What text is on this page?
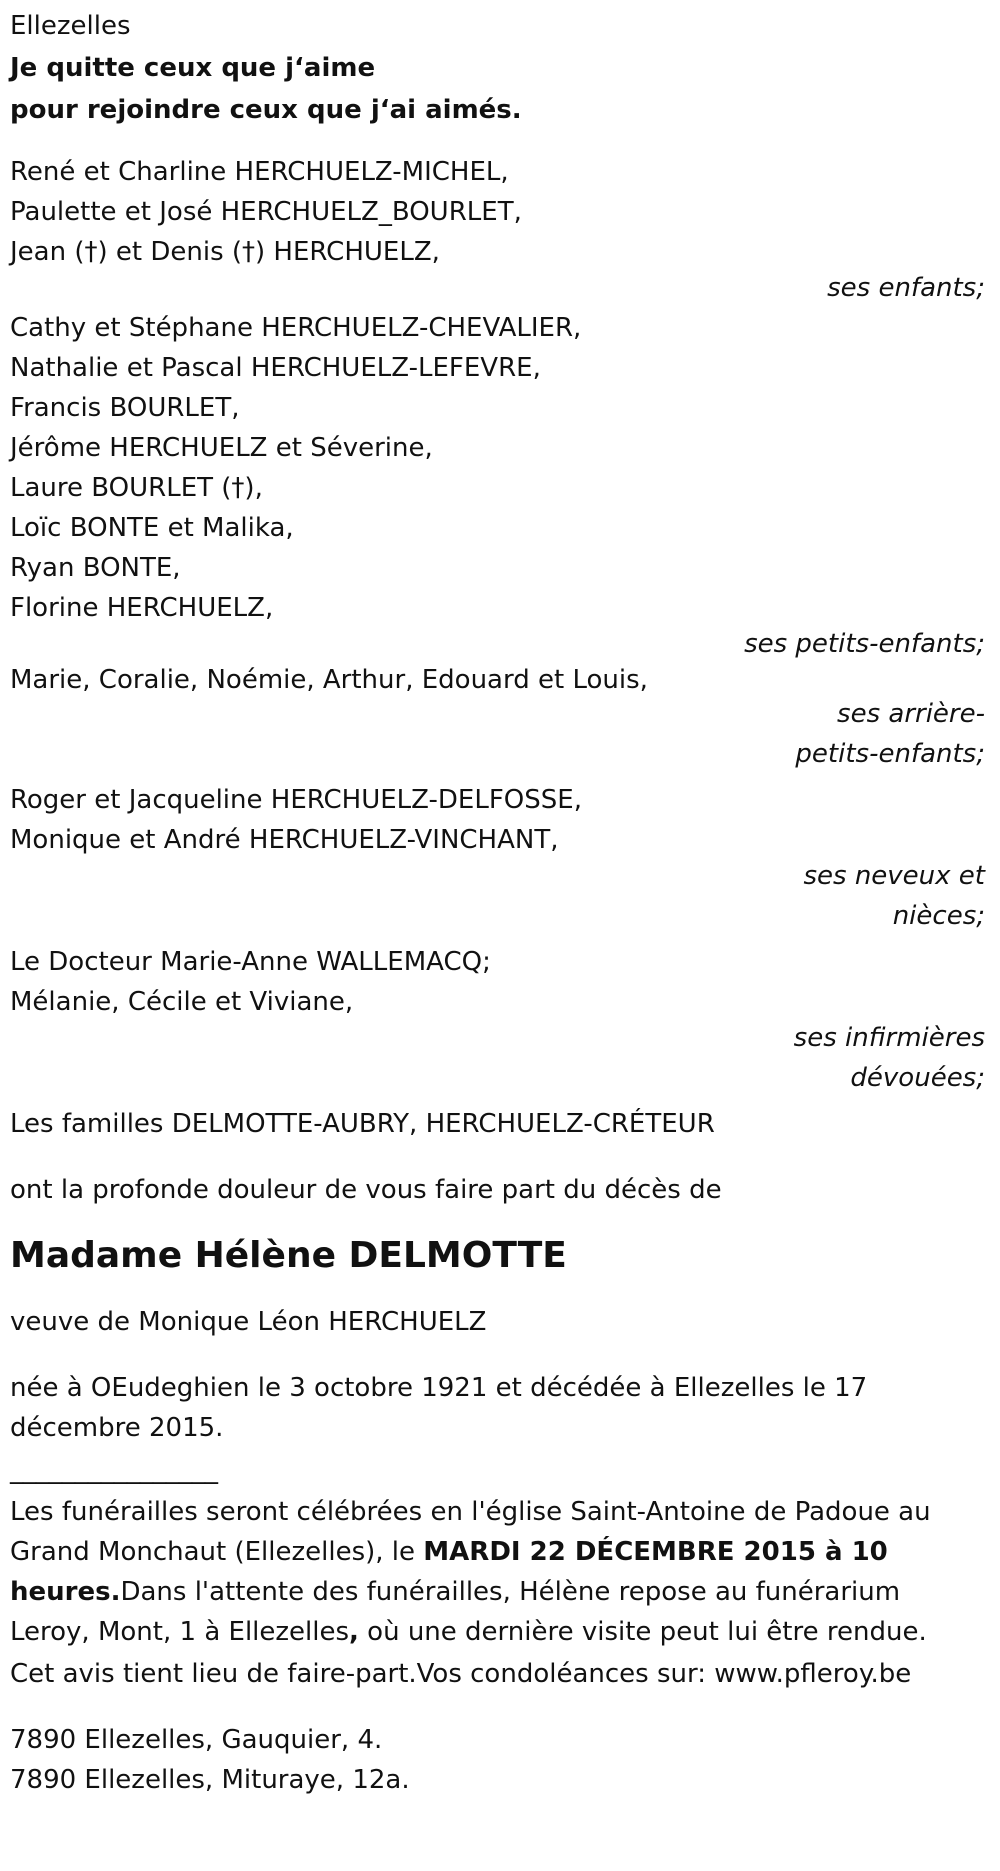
Ellezelles
Je quitte ceux que j‘aime
pour rejoindre ceux que j‘ai aimés.
René et Charline HERCHUELZ-MICHEL,
Paulette et José HERCHUELZ_BOURLET,
Jean (†) et Denis (†) HERCHUELZ,
ses enfants;
Cathy et Stéphane HERCHUELZ-CHEVALIER,
Nathalie et Pascal HERCHUELZ-LEFEVRE,
Francis BOURLET,
Jérôme HERCHUELZ et Séverine,
Laure BOURLET (†),
Loïc BONTE et Malika,
Ryan BONTE,
Florine HERCHUELZ,
ses petits-enfants;
Marie, Coralie, Noémie, Arthur, Edouard et Louis,
ses arrière-petits-enfants;
Roger et Jacqueline HERCHUELZ-DELFOSSE,
Monique et André HERCHUELZ-VINCHANT,
ses neveux et nièces;
Le Docteur Marie-Anne WALLEMACQ;
Mélanie, Cécile et Viviane,
ses infirmières dévouées;
Les familles DELMOTTE-AUBRY, HERCHUELZ-CRÉTEUR
ont la profonde douleur de vous faire part du décès de
Madame Hélène DELMOTTE
veuve de Monique Léon HERCHUELZ
née à OEudeghien le 3 octobre 1921 et décédée à Ellezelles le 17 décembre 2015.
________________

Les funérailles seront célébrées en l'église Saint-Antoine de Padoue au Grand Monchaut (Ellezelles), le MARDI 22 DÉCEMBRE 2015 à 10 heures.Dans l'attente des funérailles, Hélène repose au funérarium Leroy, Mont, 1 à Ellezelles, où une dernière visite peut lui être rendue.

Cet avis tient lieu de faire-part.Vos condoléances sur: www.pfleroy.be
7890 Ellezelles, Gauquier, 4.
7890 Ellezelles, Mituraye, 12a.
